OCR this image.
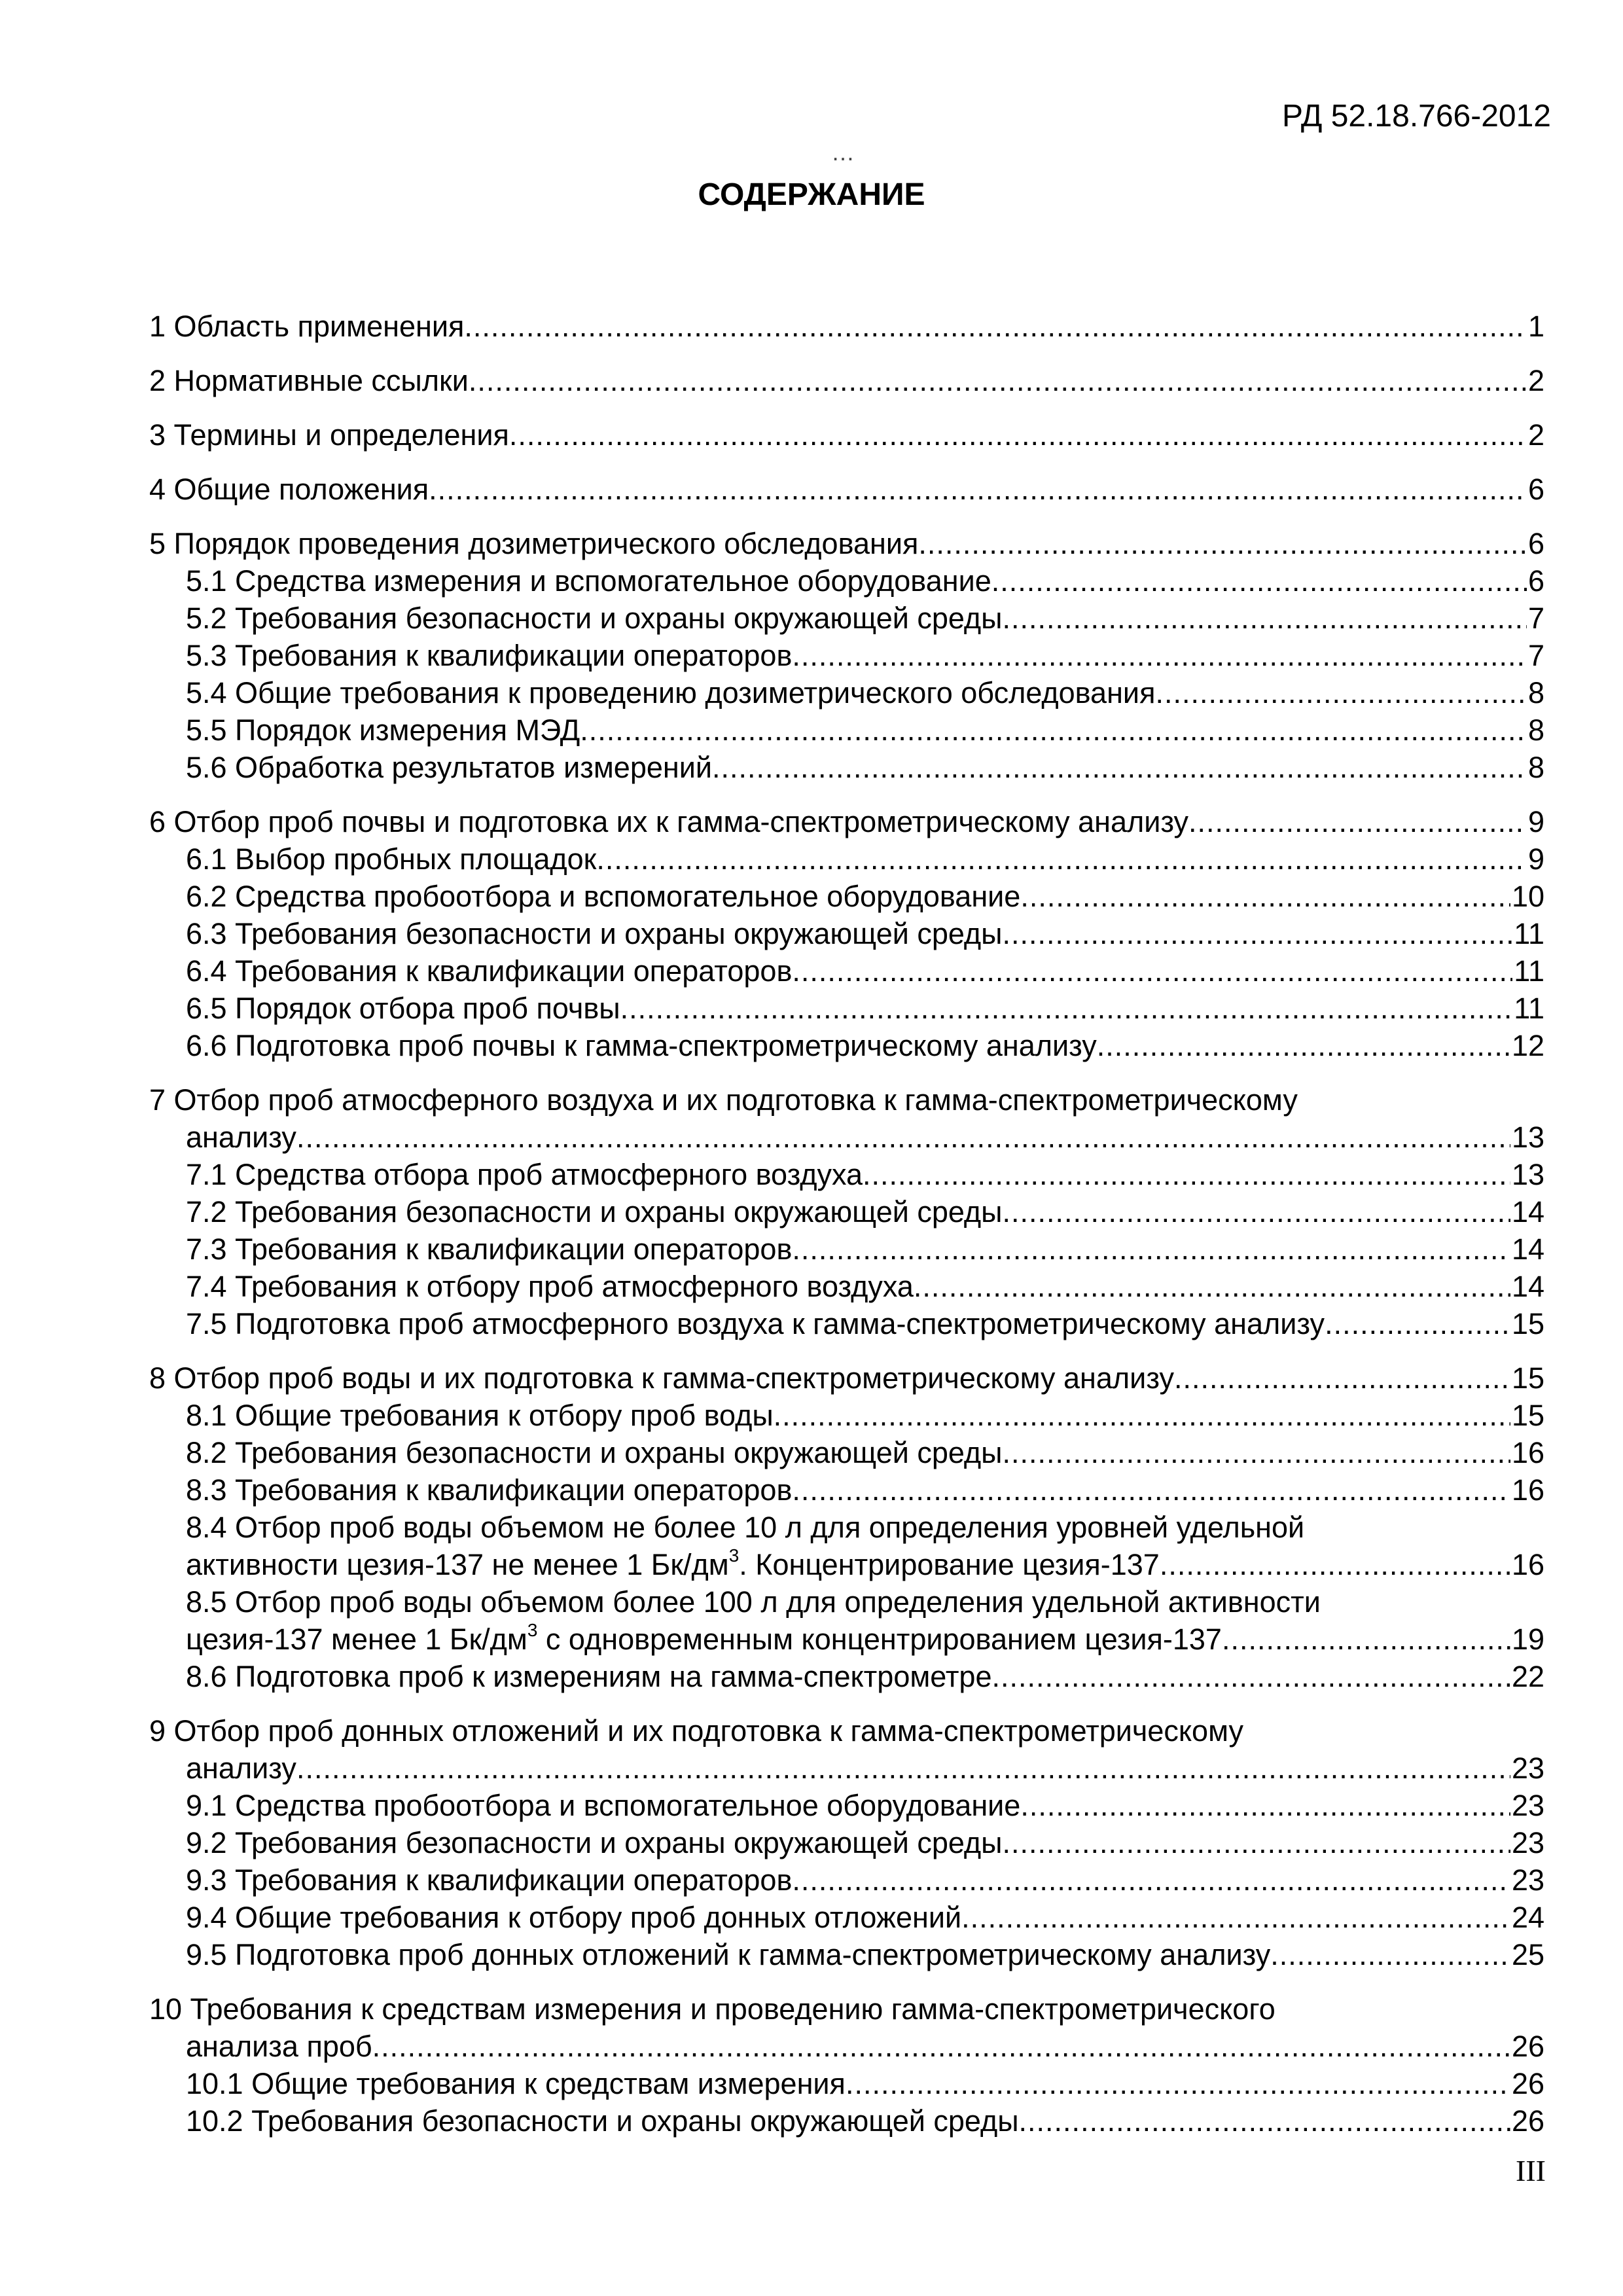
РД 52.18.766-2012
…
СОДЕРЖАНИЕ
1 Область применения .....	1
2 Нормативные ссылки .....	2
3 Термины и определения .....	2
4 Общие положения .....	6
5 Порядок проведения дозиметрического обследования .....	6
5.1 Средства измерения и вспомогательное оборудование .....	6
5.2 Требования безопасности и охраны окружающей среды .....	7
5.3 Требования к квалификации операторов .....	7
5.4 Общие требования к проведению дозиметрического обследования .....	8
5.5 Порядок измерения МЭД .....	8
5.6 Обработка результатов измерений .....	8
6 Отбор проб почвы и подготовка их к гамма-спектрометрическому анализу .....	9
6.1 Выбор пробных площадок .....	9
6.2 Средства пробоотбора и вспомогательное оборудование .....	10
6.3 Требования безопасности и охраны окружающей среды .....	11
6.4 Требования к квалификации операторов .....	11
6.5 Порядок отбора проб почвы .....	11
6.6 Подготовка проб почвы к гамма-спектрометрическому анализу .....	12
7 Отбор проб атмосферного воздуха и их подготовка к гамма-спектрометрическому
анализу .....	13
7.1 Средства отбора проб атмосферного воздуха .....	13
7.2 Требования безопасности и охраны окружающей среды .....	14
7.3 Требования к квалификации операторов .....	14
7.4 Требования к отбору проб атмосферного воздуха .....	14
7.5 Подготовка проб атмосферного воздуха к гамма-спектрометрическому анализу .....	15
8 Отбор проб воды и их подготовка к гамма-спектрометрическому анализу .....	15
8.1 Общие требования к отбору проб воды .....	15
8.2 Требования безопасности и охраны окружающей среды .....	16
8.3 Требования к квалификации операторов .....	16
8.4 Отбор проб воды объемом не более 10 л для определения уровней удельной
активности цезия-137 не менее 1 $Бк/дм^3$. Концентрирование цезия-137 .....	16
8.5 Отбор проб воды объемом более 100 л для определения удельной активности
цезия-137 менее 1 $Бк/дм^3$ с одновременным концентрированием цезия-137 .....	19
8.6 Подготовка проб к измерениям на гамма-спектрометре .....	22
9 Отбор проб донных отложений и их подготовка к гамма-спектрометрическому
анализу .....	23
9.1 Средства пробоотбора и вспомогательное оборудование .....	23
9.2 Требования безопасности и охраны окружающей среды .....	23
9.3 Требования к квалификации операторов .....	23
9.4 Общие требования к отбору проб донных отложений .....	24
9.5 Подготовка проб донных отложений к гамма-спектрометрическому анализу .....	25
10 Требования к средствам измерения и проведению гамма-спектрометрического
анализа проб .....	26
10.1 Общие требования к средствам измерения .....	26
10.2 Требования безопасности и охраны окружающей среды .....	26
III
